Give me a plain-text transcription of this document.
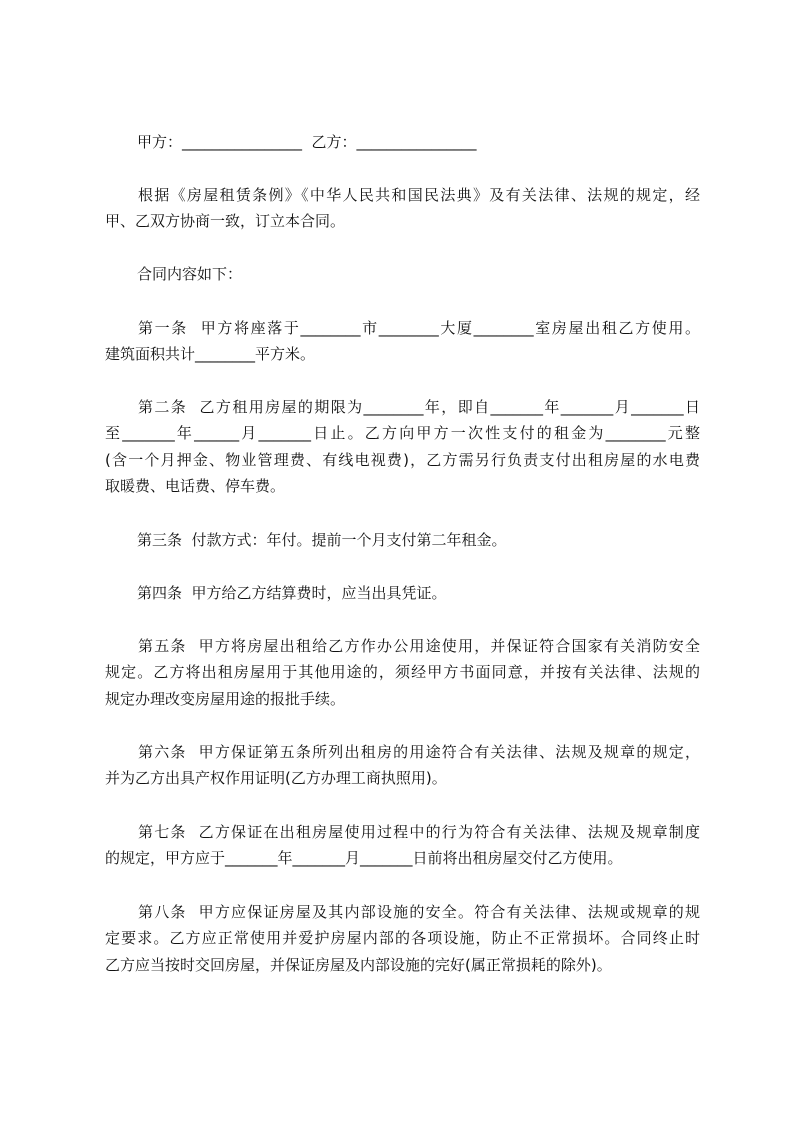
甲方：________________  乙方：________________
根据《房屋租赁条例》《中华人民共和国民法典》及有关法律、法规的规定，经
甲、乙双方协商一致，订立本合同。
合同内容如下：
第一条  甲方将座落于________市________大厦________室房屋出租乙方使用。
建筑面积共计________平方米。
第二条  乙方租用房屋的期限为________年，即自_______年_______月_______日
至_______年______月_______日止。乙方向甲方一次性支付的租金为________元整
(含一个月押金、物业管理费、有线电视费)，乙方需另行负责支付出租房屋的水电费
取暖费、电话费、停车费。
第三条  付款方式：年付。提前一个月支付第二年租金。
第四条  甲方给乙方结算费时，应当出具凭证。
第五条  甲方将房屋出租给乙方作办公用途使用，并保证符合国家有关消防安全
规定。乙方将出租房屋用于其他用途的，须经甲方书面同意，并按有关法律、法规的
规定办理改变房屋用途的报批手续。
第六条  甲方保证第五条所列出租房的用途符合有关法律、法规及规章的规定，
并为乙方出具产权作用证明(乙方办理工商执照用)。
第七条  乙方保证在出租房屋使用过程中的行为符合有关法律、法规及规章制度
的规定，甲方应于_______年_______月_______日前将出租房屋交付乙方使用。
第八条  甲方应保证房屋及其内部设施的安全。符合有关法律、法规或规章的规
定要求。乙方应正常使用并爱护房屋内部的各项设施，防止不正常损坏。合同终止时
乙方应当按时交回房屋，并保证房屋及内部设施的完好(属正常损耗的除外)。
